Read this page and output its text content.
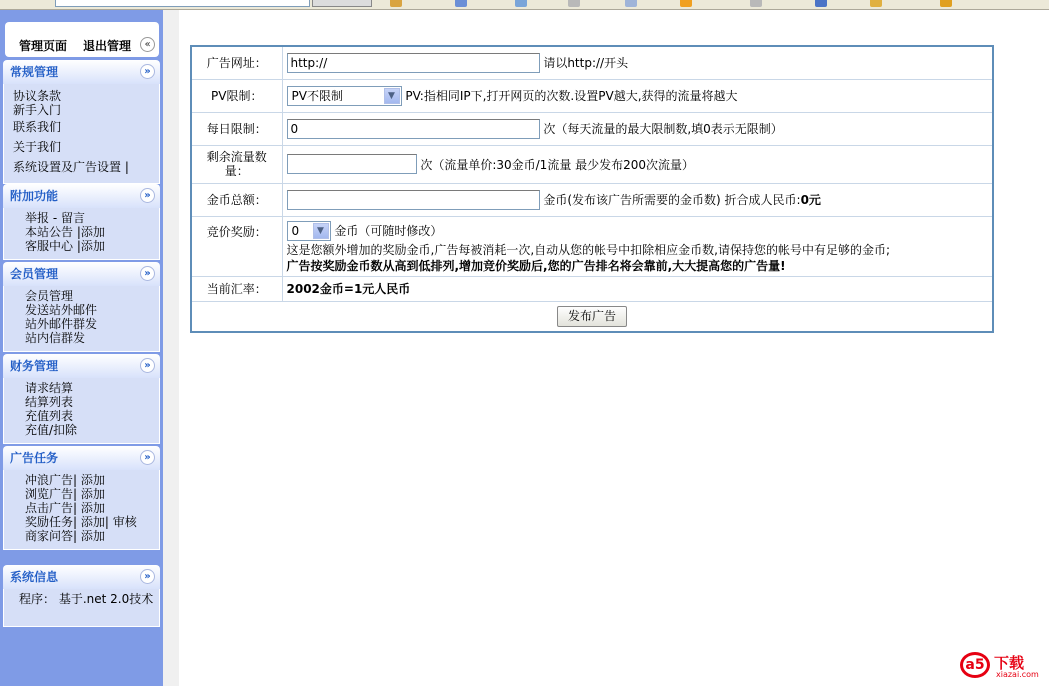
管理页面 退出管理	«
常规管理	»
协议条款
新手入门
联系我们
关于我们
系统设置及广告设置 |
附加功能	»
举报 - 留言
本站公告 |添加
客服中心 |添加
会员管理	»
会员管理
发送站外邮件
站外邮件群发
站内信群发
财务管理	»
请求结算
结算列表
充值列表
充值/扣除
广告任务	»
冲浪广告| 添加
浏览广告| 添加
点击广告| 添加
奖励任务| 添加| 审核
商家问答| 添加
系统信息	»
程序： 基于.net 2.0技术
广告网址：	http:// 请以http://开头
PV限制：	PV不限制 ▼ PV:指相同IP下,打开网页的次数.设置PV越大,获得的流量将越大
每日限制：	0 次（每天流量的最大限制数,填0表示无限制）

剩余流量数
量：	次（流量单价:30金币/1流量 最少发布200次流量）
金币总额：	金币(发布该广告所需要的金币数) 折合成人民币:0元
竞价奖励：	0 ▼ 金币（可随时修改）
这是您额外增加的奖励金币,广告每被消耗一次,自动从您的帐号中扣除相应金币数,请保持您的帐号中有足够的金币;
广告按奖励金币数从高到低排列,增加竞价奖励后,您的广告排名将会靠前,大大提高您的广告量!

当前汇率：	2002金币=1元人民币
发布广告	
a5 下载
xiazai.com
